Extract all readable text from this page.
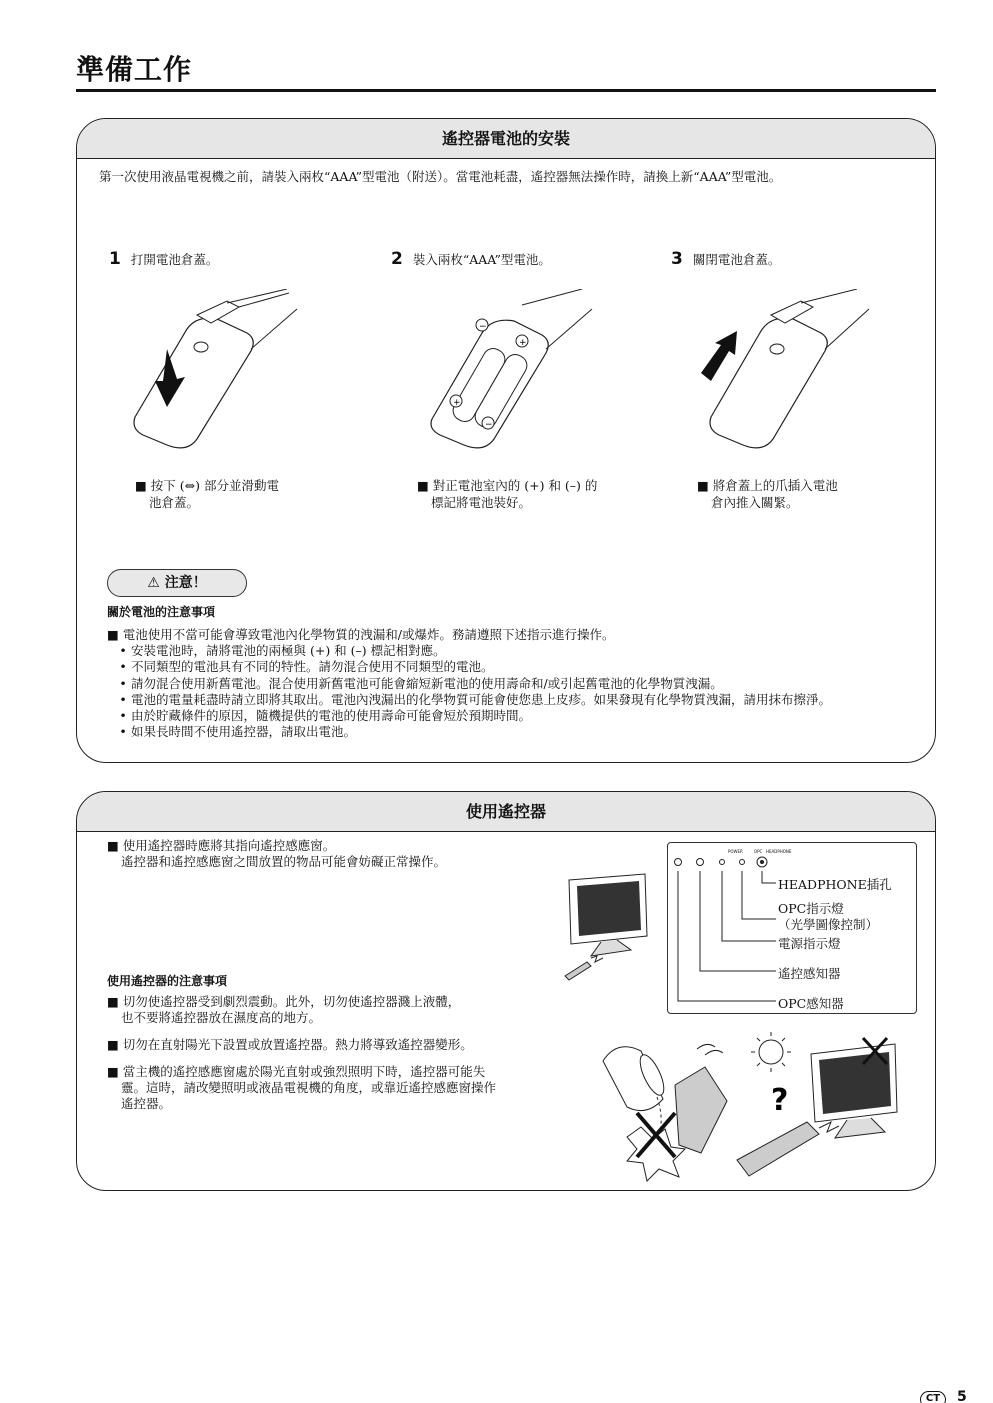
準備工作
遙控器電池的安裝
第一次使用液晶電視機之前，請裝入兩枚“AAA”型電池（附送）。當電池耗盡，遙控器無法操作時，請換上新“AAA”型電池。
1 打開電池倉蓋。	2 裝入兩枚“AAA”型電池。	3 關閉電池倉蓋。
−
+
+
−
■ 按下 (⇔) 部分並滑動電
池倉蓋。
■ 對正電池室內的 (+) 和 (–) 的
標記將電池裝好。
■ 將倉蓋上的爪插入電池
倉內推入關緊。
⚠ 注意！
關於電池的注意事項
■ 電池使用不當可能會導致電池內化學物質的洩漏和/或爆炸。務請遵照下述指示進行操作。
• 安裝電池時，請將電池的兩極與 (+) 和 (–) 標記相對應。
• 不同類型的電池具有不同的特性。請勿混合使用不同類型的電池。
• 請勿混合使用新舊電池。混合使用新舊電池可能會縮短新電池的使用壽命和/或引起舊電池的化學物質洩漏。
• 電池的電量耗盡時請立即將其取出。電池內洩漏出的化學物質可能會使您患上皮疹。如果發現有化學物質洩漏，請用抹布擦淨。
• 由於貯藏條件的原因，隨機提供的電池的使用壽命可能會短於預期時間。
• 如果長時間不使用遙控器，請取出電池。
使用遙控器
■ 使用遙控器時應將其指向遙控感應窗。
遙控器和遙控感應窗之間放置的物品可能會妨礙正常操作。
使用遙控器的注意事項
■ 切勿使遙控器受到劇烈震動。此外，切勿使遙控器濺上液體，
也不要將遙控器放在濕度高的地方。
■ 切勿在直射陽光下設置或放置遙控器。熱力將導致遙控器變形。
■ 當主機的遙控感應窗處於陽光直射或強烈照明下時，遙控器可能失
靈。這時，請改變照明或液晶電視機的角度，或靠近遙控感應窗操作
遙控器。
POWER	OPC HEADPHONE
HEADPHONE插孔
OPC指示燈
（光學圖像控制）
電源指示燈
遙控感知器
OPC感知器
?
CT	5
